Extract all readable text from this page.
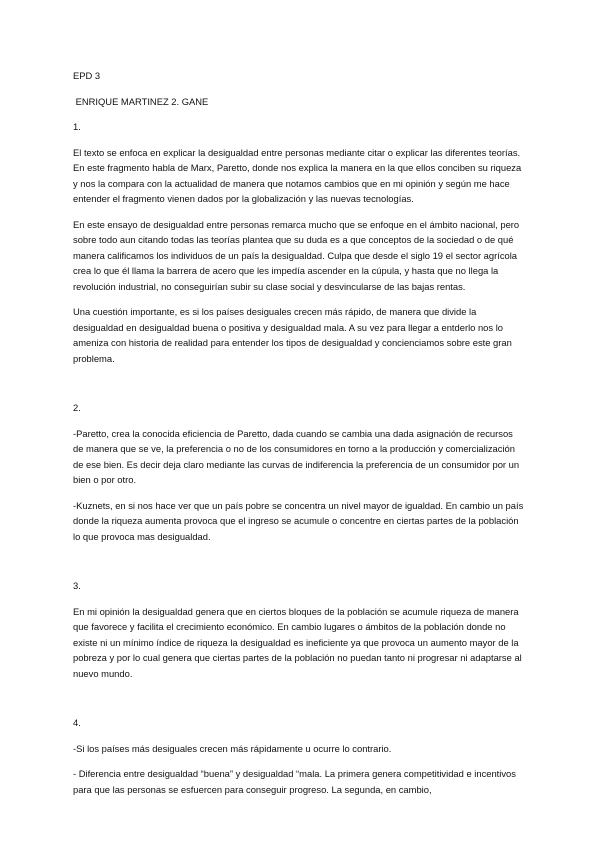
EPD 3

ENRIQUE MARTINEZ 2. GANE

1.

El texto se enfoca en explicar la desigualdad entre personas mediante citar o explicar las diferentes teorías. En este fragmento habla de Marx, Paretto, donde nos explica la manera en la que ellos conciben su riqueza y nos la compara con la actualidad de manera que notamos cambios que en mi opinión y según me hace entender el fragmento vienen dados por la globalización y las nuevas tecnologías.

En este ensayo de desigualdad entre personas remarca mucho que se enfoque en el ámbito nacional, pero sobre todo aun citando todas las teorías plantea que su duda es a que conceptos de la sociedad o de qué manera calificamos los individuos de un país la desigualdad. Culpa que desde el siglo 19 el sector agrícola crea lo que él llama la barrera de acero que les impedía ascender en la cúpula, y hasta que no llega la revolución industrial, no conseguirían subir su clase social y desvincularse de las bajas rentas.

Una cuestión importante, es si los países desiguales crecen más rápido, de manera que divide la desigualdad en desigualdad buena o positiva y desigualdad mala. A su vez para llegar a entderlo nos lo ameniza con historia de realidad para entender los tipos de desigualdad y concienciamos sobre este gran problema.

2.

-Paretto, crea la conocida eficiencia de Paretto, dada cuando se cambia una dada asignación de recursos de manera que se ve, la preferencia o no de los consumidores en torno a la producción y comercialización de ese bien. Es decir deja claro mediante las curvas de indiferencia la preferencia de un consumidor por un bien o por otro.

-Kuznets, en si nos hace ver que un país pobre se concentra un nivel mayor de igualdad. En cambio un país donde la riqueza aumenta provoca que el ingreso se acumule o concentre en ciertas partes de la población lo que provoca mas desigualdad.

3.

En mi opinión la desigualdad genera que en ciertos bloques de la población se acumule riqueza de manera que favorece y facilita el crecimiento económico. En cambio lugares o ámbitos de la población donde no existe ni un mínimo índice de riqueza la desigualdad es ineficiente ya que provoca un aumento mayor de la pobreza y por lo cual genera que ciertas partes de la población no puedan tanto ni progresar ni adaptarse al nuevo mundo.

4.

-Si los países más desiguales crecen más rápidamente u ocurre lo contrario.

- Diferencia entre desigualdad “buena” y desigualdad “mala. La primera genera competitividad e incentivos para que las personas se esfuercen para conseguir progreso. La segunda, en cambio,
